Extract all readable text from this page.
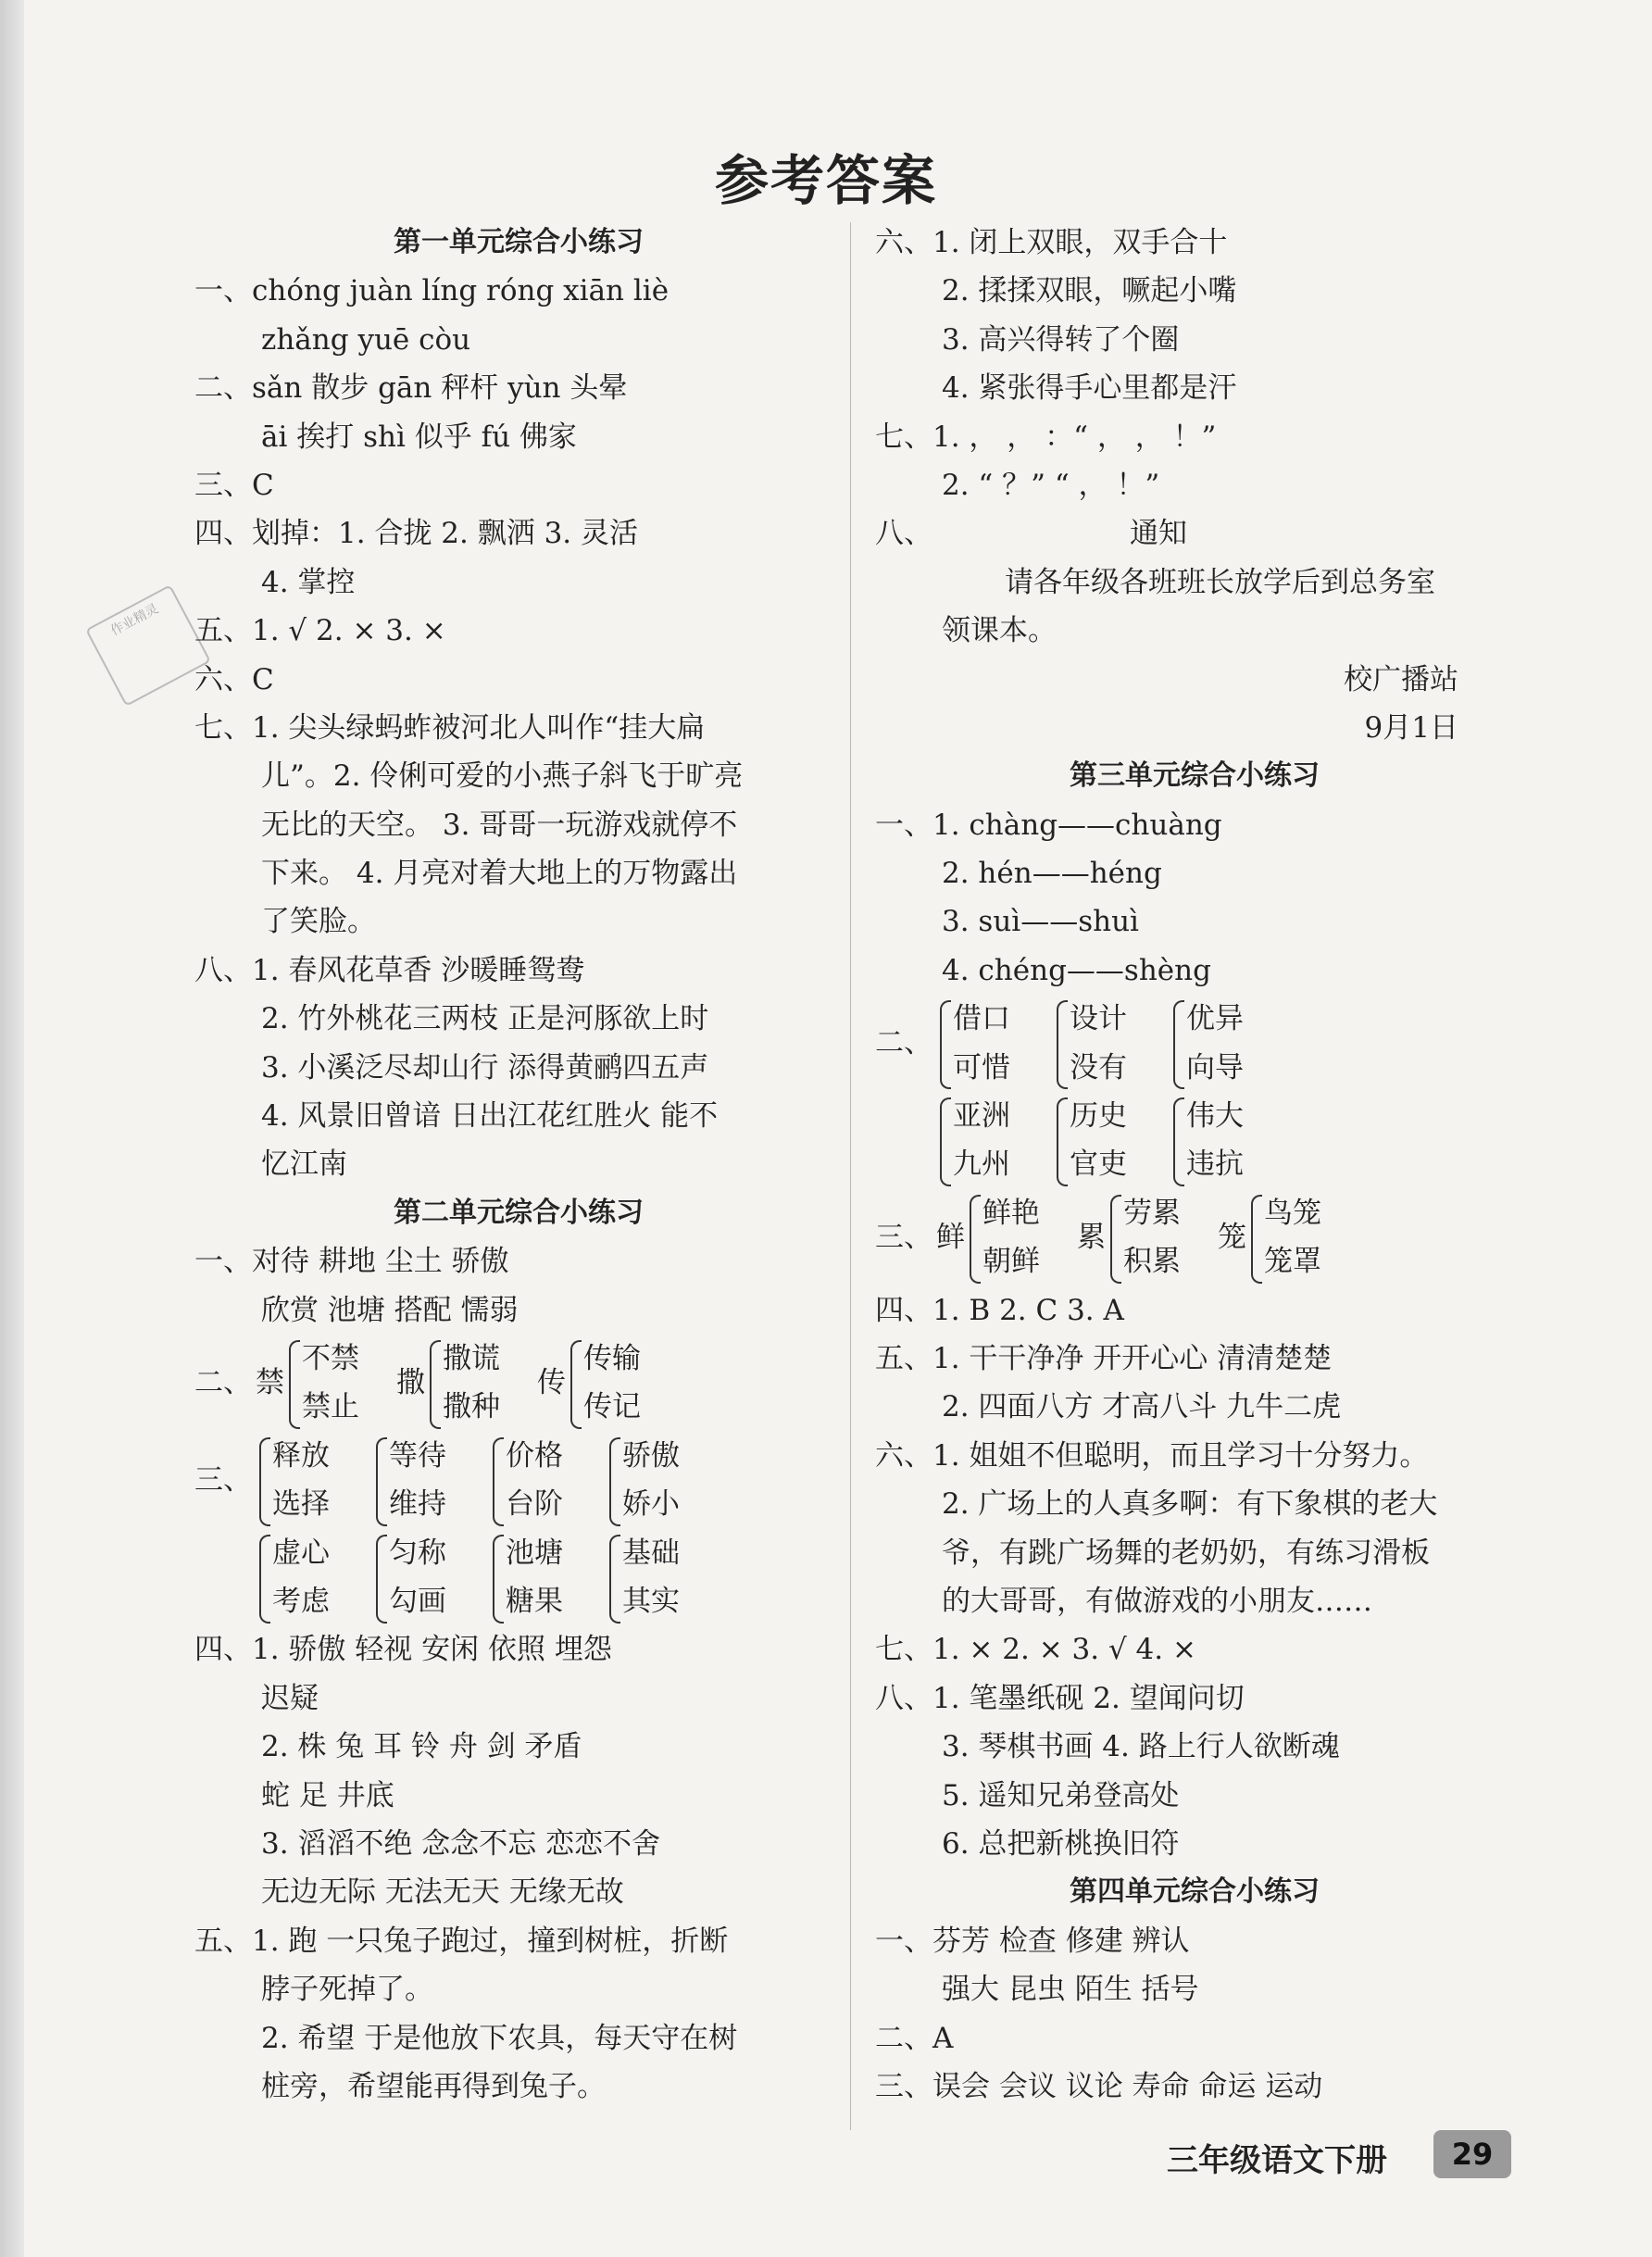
作业精灵
参考答案
第一单元综合小练习
一、chóng juàn líng róng xiān liè
zhǎng yuē còu
二、sǎn 散步 gān 秤杆 yùn 头晕
āi 挨打 shì 似乎 fú 佛家
三、C
四、划掉：1. 合拢 2. 飘洒 3. 灵活
4. 掌控
五、1. √ 2. × 3. ×
六、C
七、1. 尖头绿蚂蚱被河北人叫作“挂大扁
儿”。2. 伶俐可爱的小燕子斜飞于旷亮
无比的天空。 3. 哥哥一玩游戏就停不
下来。 4. 月亮对着大地上的万物露出
了笑脸。
八、1. 春风花草香 沙暖睡鸳鸯
2. 竹外桃花三两枝 正是河豚欲上时
3. 小溪泛尽却山行 添得黄鹂四五声
4. 风景旧曾谙 日出江花红胜火 能不
忆江南
第二单元综合小练习
一、对待 耕地 尘土 骄傲
欣赏 池塘 搭配 懦弱
二、 禁
不禁
禁止
撒
撒谎
撒种
传
传输
传记
三、
释放
选择
等待
维持
价格
台阶
骄傲
娇小
虚心
考虑
匀称
勾画
池塘
糖果
基础
其实
四、1. 骄傲 轻视 安闲 依照 埋怨
迟疑
2. 株 兔 耳 铃 舟 剑 矛盾
蛇 足 井底
3. 滔滔不绝 念念不忘 恋恋不舍
无边无际 无法无天 无缘无故
五、1. 跑 一只兔子跑过，撞到树桩，折断
脖子死掉了。
2. 希望 于是他放下农具，每天守在树
桩旁，希望能再得到兔子。
六、1. 闭上双眼，双手合十
2. 揉揉双眼，噘起小嘴
3. 高兴得转了个圈
4. 紧张得手心里都是汗
七、1. ， ， ：“ ， ， ！”
2. “ ？” “ ， ！”
八、	通知
请各年级各班班长放学后到总务室
领课本。
校广播站
9月1日
第三单元综合小练习
一、1. chàng——chuàng
2. hén——héng
3. suì——shuì
4. chéng——shèng
二、
借口
可惜
设计
没有
优异
向导
亚洲
九州
历史
官吏
伟大
违抗
三、 鲜
鲜艳
朝鲜
累
劳累
积累
笼
鸟笼
笼罩
四、1. B 2. C 3. A
五、1. 干干净净 开开心心 清清楚楚
2. 四面八方 才高八斗 九牛二虎
六、1. 姐姐不但聪明，而且学习十分努力。
2. 广场上的人真多啊：有下象棋的老大
爷，有跳广场舞的老奶奶，有练习滑板
的大哥哥，有做游戏的小朋友……
七、1. × 2. × 3. √ 4. ×
八、1. 笔墨纸砚 2. 望闻问切
3. 琴棋书画 4. 路上行人欲断魂
5. 遥知兄弟登高处
6. 总把新桃换旧符
第四单元综合小练习
一、芬芳 检查 修建 辨认
强大 昆虫 陌生 括号
二、A
三、误会 会议 议论 寿命 命运 运动
三年级语文下册	29
